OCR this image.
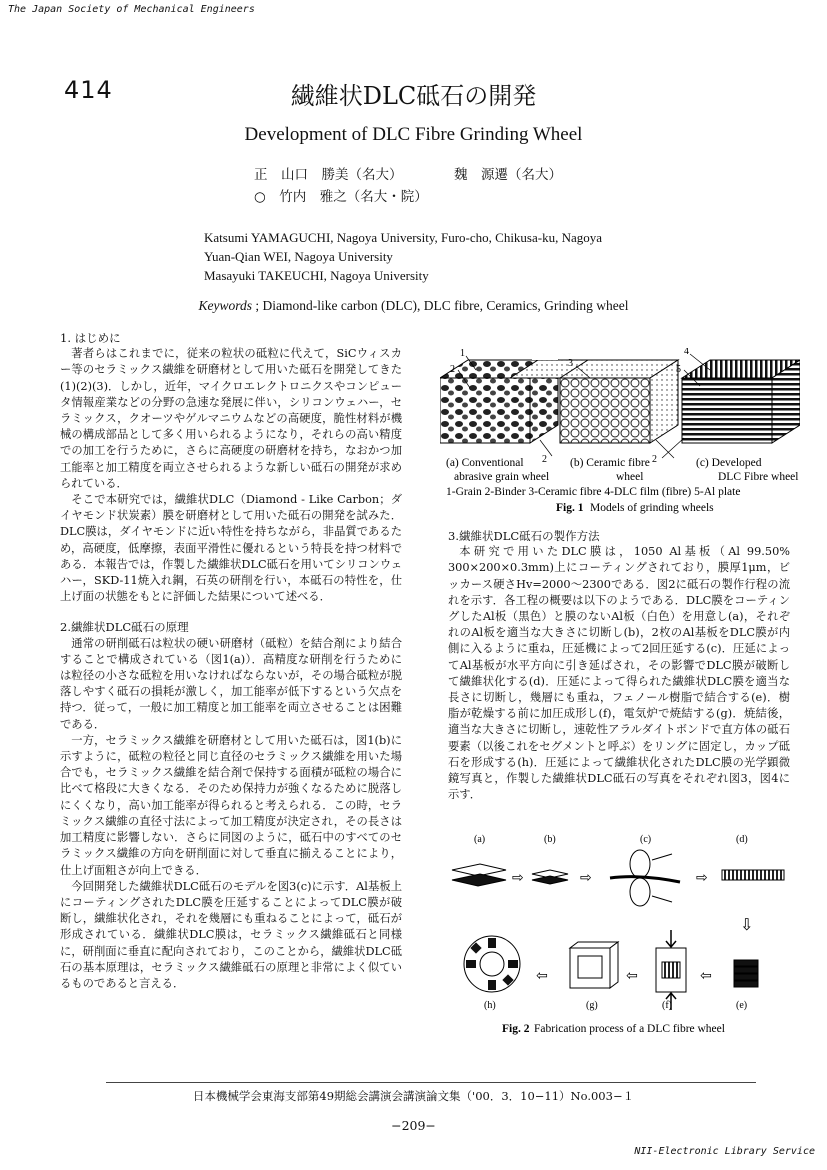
The Japan Society of Mechanical Engineers
414	繊維状DLC砥石の開発
Development of DLC Fibre Grinding Wheel
正　山口　勝美（名大）	魏　源遷（名大）
○　竹内　雅之（名大・院）
Katsumi YAMAGUCHI, Nagoya University, Furo-cho, Chikusa-ku, Nagoya
Yuan-Qian WEI, Nagoya University
Masayuki TAKEUCHI, Nagoya University
Keywords ; Diamond-like carbon (DLC), DLC fibre, Ceramics, Grinding wheel
1. はじめに

著者らはこれまでに，従来の粒状の砥粒に代えて，SiCウィスカー等のセラミックス繊維を研磨材として用いた砥石を開発してきた(1)(2)(3)．しかし，近年，マイクロエレクトロニクスやコンピュータ情報産業などの分野の急速な発展に伴い，シリコンウェハー，セラミックス，クオーツやゲルマニウムなどの高硬度，脆性材料が機械の構成部品として多く用いられるようになり，それらの高い精度での加工を行うために，さらに高硬度の研磨材を持ち，なおかつ加工能率と加工精度を両立させられるような新しい砥石の開発が求められている．

そこで本研究では，繊維状DLC（Diamond - Like Carbon；ダイヤモンド状炭素）膜を研磨材として用いた砥石の開発を試みた．DLC膜は，ダイヤモンドに近い特性を持ちながら，非晶質であるため，高硬度，低摩擦，表面平滑性に優れるという特長を持つ材料である．本報告では，作製した繊維状DLC砥石を用いてシリコンウェハー，SKD-11焼入れ鋼，石英の研削を行い，本砥石の特性を，仕上げ面の状態をもとに評価した結果について述べる．

2.繊維状DLC砥石の原理

通常の研削砥石は粒状の硬い研磨材（砥粒）を結合剤により結合することで構成されている（図1(a)）．高精度な研削を行うためには粒径の小さな砥粒を用いなければならないが，その場合砥粒が脱落しやすく砥石の損耗が激しく，加工能率が低下するという欠点を持つ．従って，一般に加工精度と加工能率を両立させることは困難である．

一方，セラミックス繊維を研磨材として用いた砥石は，図1(b)に示すように，砥粒の粒径と同じ直径のセラミックス繊維を用いた場合でも，セラミックス繊維を結合剤で保持する面積が砥粒の場合に比べて格段に大きくなる．そのため保持力が強くなるために脱落しにくくなり，高い加工能率が得られると考えられる．この時，セラミックス繊維の直径寸法によって加工精度が決定され，その長さは加工精度に影響しない．さらに同図のように，砥石中のすべてのセラミックス繊維の方向を研削面に対して垂直に揃えることにより，仕上げ面粗さが向上できる．

今回開発した繊維状DLC砥石のモデルを図3(c)に示す．Al基板上にコーティングされたDLC膜を圧延することによってDLC膜が破断し，繊維状化され，それを幾層にも重ねることによって，砥石が形成されている．繊維状DLC膜は，セラミックス繊維砥石と同様に，研削面に垂直に配向されており，このことから，繊維状DLC砥石の基本原理は，セラミックス繊維砥石の原理と非常によく似ているものであると言える．

1
2
3
2
4
5
2
(a) Conventional
abrasive grain wheel
(b) Ceramic fibre
wheel
(c) Developed
DLC Fibre wheel
1-Grain 2-Binder 3-Ceramic fibre 4-DLC film (fibre) 5-Al plate
Fig. 1 Models of grinding wheels
3.繊維状DLC砥石の製作方法

本研究で用いたDLC膜は，1050 Al基板（Al 99.50%　300×200×0.3mm)上にコーティングされており，膜厚1μm，ビッカース硬さHv=2000～2300である．図2に砥石の製作行程の流れを示す．各工程の概要は以下のようである．DLC膜をコーティングしたAl板（黒色）と膜のないAl板（白色）を用意し(a)，それぞれのAl板を適当な大きさに切断し(b)，2枚のAl基板をDLC膜が内側に入るように重ね，圧延機によって2回圧延する(c)．圧延によってAl基板が水平方向に引き延ばされ，その影響でDLC膜が破断して繊維状化する(d)．圧延によって得られた繊維状DLC膜を適当な長さに切断し，幾層にも重ね，フェノール樹脂で結合する(e)．樹脂が乾燥する前に加圧成形し(f)，電気炉で焼結する(g)．焼結後，適当な大きさに切断し，速乾性アラルダイトボンドで直方体の砥石要素（以後これをセグメントと呼ぶ）をリングに固定し，カップ砥石を形成する(h)．圧延によって繊維状化されたDLC膜の光学顕微鏡写真と，作製した繊維状DLC砥石の写真をそれぞれ図3，図4に示す．

(a)	(b)	(c)	(d)
(e)
(f)
(g)
(h)
⇨	⇨	⇨
⇩
⇦
⇦
⇦
Fig. 2 Fabrication process of a DLC fibre wheel
日本機械学会東海支部第49期総会講演会講演論文集（'00．3．10−11）No.003−１
−209−
NII-Electronic Library Service
